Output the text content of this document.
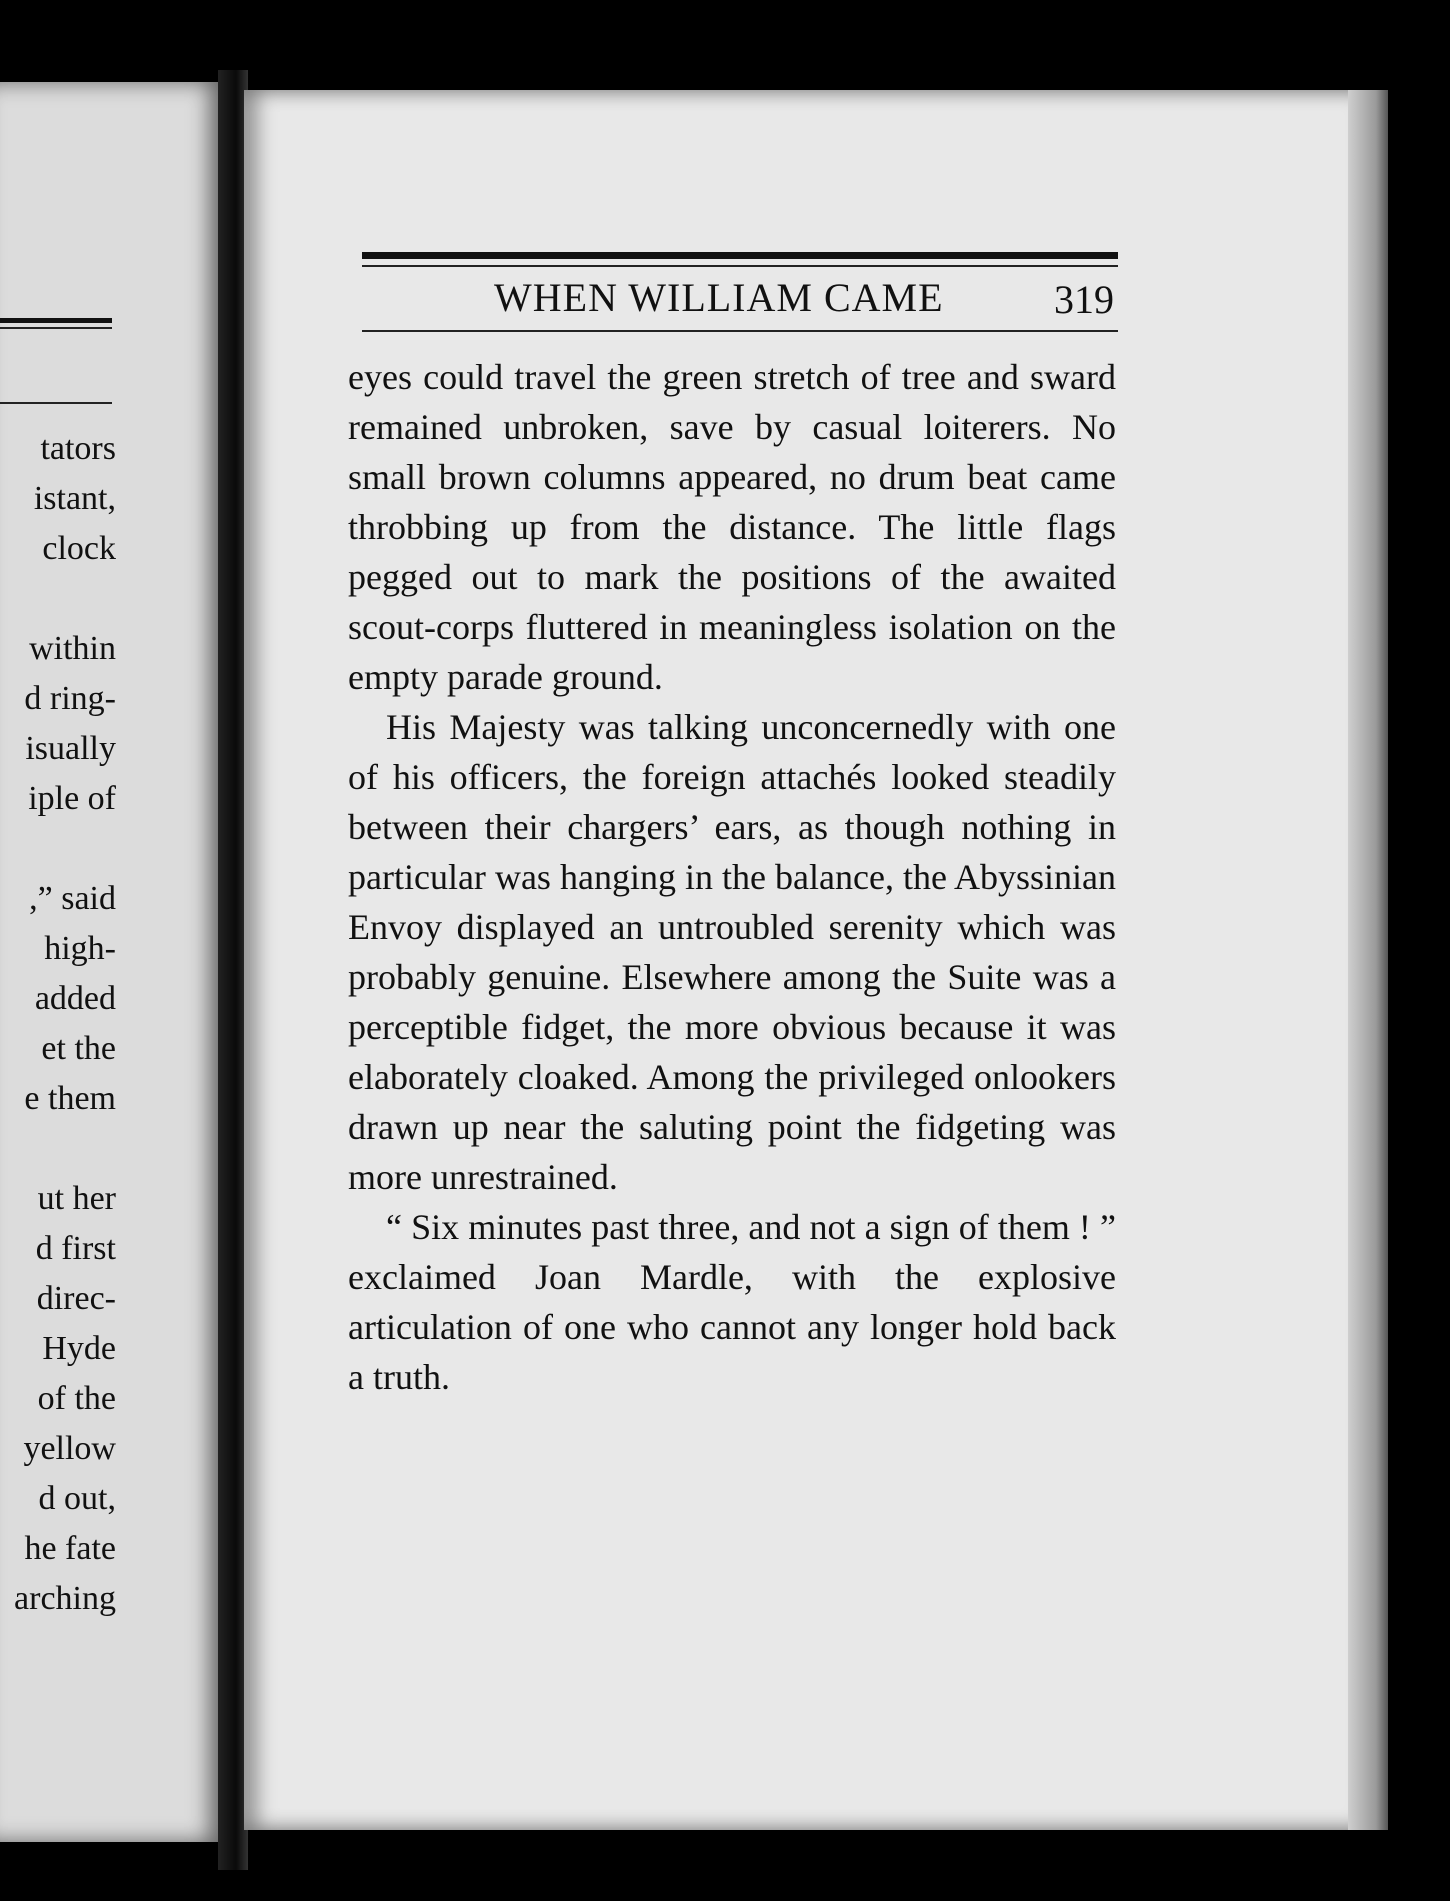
tators
istant,
clock
within
d ring-
isually
iple of
,” said
high-
added
et the
e them
ut her
d first
direc-
Hyde
of the
yellow
d out,
he fate
arching
WHEN WILLIAM CAME	319

eyes could travel the green stretch of tree and sward remained unbroken, save by casual loiterers. No small brown columns appeared, no drum beat came throbbing up from the distance. The little flags pegged out to mark the positions of the awaited scout-corps fluttered in meaningless isolation on the empty parade ground.

His Majesty was talking unconcernedly with one of his officers, the foreign attachés looked steadily between their chargers’ ears, as though nothing in particular was hanging in the balance, the Abyssinian Envoy displayed an untroubled serenity which was probably genuine. Elsewhere among the Suite was a perceptible fidget, the more obvious because it was elaborately cloaked. Among the privileged onlookers drawn up near the saluting point the fidgeting was more unrestrained.

“ Six minutes past three, and not a sign of them ! ” exclaimed Joan Mardle, with the explosive articulation of one who cannot any longer hold back a truth.
